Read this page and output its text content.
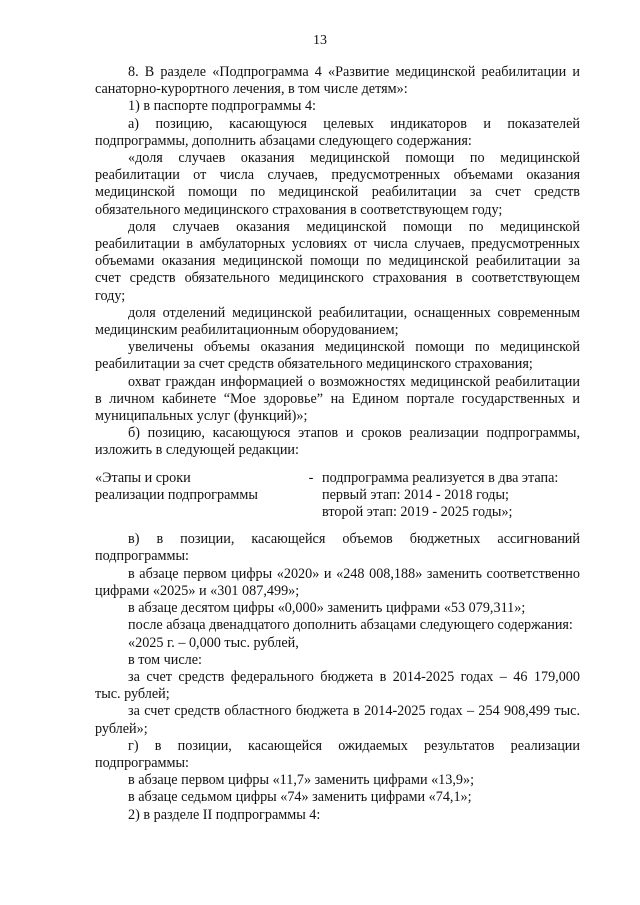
13

8. В разделе «Подпрограмма 4 «Развитие медицинской реабилитации и санаторно-курортного лечения, в том числе детям»:

1) в паспорте подпрограммы 4:

а) позицию, касающуюся целевых индикаторов и показателей подпрограммы, дополнить абзацами следующего содержания:

«доля случаев оказания медицинской помощи по медицинской реабилитации от числа случаев, предусмотренных объемами оказания медицинской помощи по медицинской реабилитации за счет средств обязательного медицинского страхования в соответствующем году;

доля случаев оказания медицинской помощи по медицинской реабилитации в амбулаторных условиях от числа случаев, предусмотренных объемами оказания медицинской помощи по медицинской реабилитации за счет средств обязательного медицинского страхования в соответствующем году;

доля отделений медицинской реабилитации, оснащенных современным медицинским реабилитационным оборудованием;

увеличены объемы оказания медицинской помощи по медицинской реабилитации за счет средств обязательного медицинского страхования;

охват граждан информацией о возможностях медицинской реабилитации в личном кабинете “Мое здоровье” на Едином портале государственных и муниципальных услуг (функций)»;

б) позицию, касающуюся этапов и сроков реализации подпрограммы, изложить в следующей редакции:

«Этапы и сроки
реализации подпрограммы
- подпрограмма реализуется в два этапа:
первый этап: 2014 - 2018 годы;
второй этап: 2019 - 2025 годы»;

в) в позиции, касающейся объемов бюджетных ассигнований подпрограммы:

в абзаце первом цифры «2020» и «248 008,188» заменить соответственно цифрами «2025» и «301 087,499»;

в абзаце десятом цифры «0,000» заменить цифрами «53 079,311»;

после абзаца двенадцатого дополнить абзацами следующего содержания:

«2025 г. – 0,000 тыс. рублей,

в том числе:

за счет средств федерального бюджета в 2014-2025 годах – 46 179,000 тыс. рублей;

за счет средств областного бюджета в 2014-2025 годах – 254 908,499 тыс. рублей»;

г) в позиции, касающейся ожидаемых результатов реализации подпрограммы:

в абзаце первом цифры «11,7» заменить цифрами «13,9»;

в абзаце седьмом цифры «74» заменить цифрами «74,1»;

2) в разделе II подпрограммы 4:
